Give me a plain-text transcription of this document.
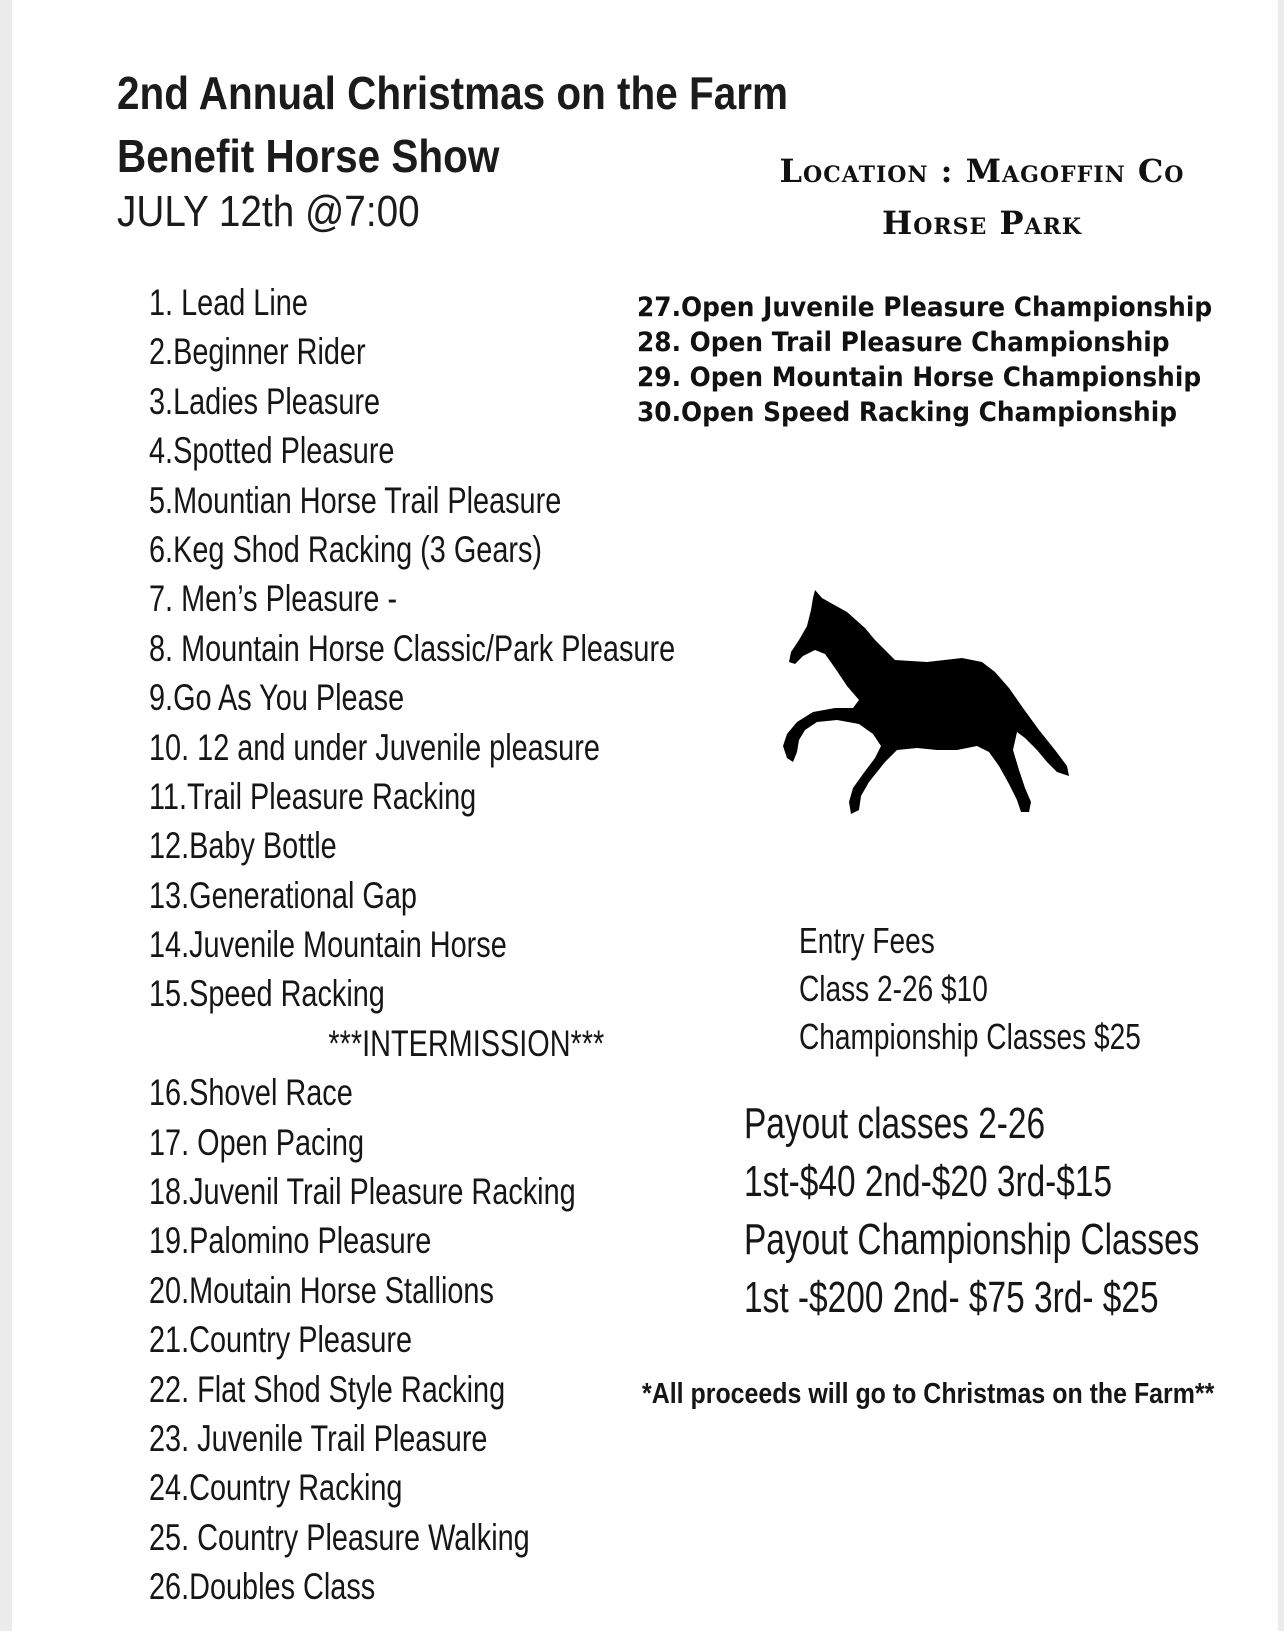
2nd Annual Christmas on the Farm
Benefit Horse Show
JULY 12th @7:00
Location : Magoffin Co
Horse Park
1. Lead Line
2.Beginner Rider
3.Ladies Pleasure
4.Spotted Pleasure
5.Mountian Horse Trail Pleasure
6.Keg Shod Racking (3 Gears)
7. Men’s Pleasure -
8. Mountain Horse Classic/Park Pleasure
9.Go As You Please
10. 12 and under Juvenile pleasure
11.Trail Pleasure Racking
12.Baby Bottle
13.Generational Gap
14.Juvenile Mountain Horse
15.Speed Racking
***INTERMISSION***
16.Shovel Race
17. Open Pacing
18.Juvenil Trail Pleasure Racking
19.Palomino Pleasure
20.Moutain Horse Stallions
21.Country Pleasure
22. Flat Shod Style Racking
23. Juvenile Trail Pleasure
24.Country Racking
25. Country Pleasure Walking
26.Doubles Class
27.Open Juvenile Pleasure Championship
28. Open Trail Pleasure Championship
29. Open Mountain Horse Championship
30.Open Speed Racking Championship
Entry Fees
Class 2-26 $10
Championship Classes $25
Payout classes 2-26
1st-$40 2nd-$20 3rd-$15
Payout Championship Classes
1st -$200 2nd- $75 3rd- $25
*All proceeds will go to Christmas on the Farm**
